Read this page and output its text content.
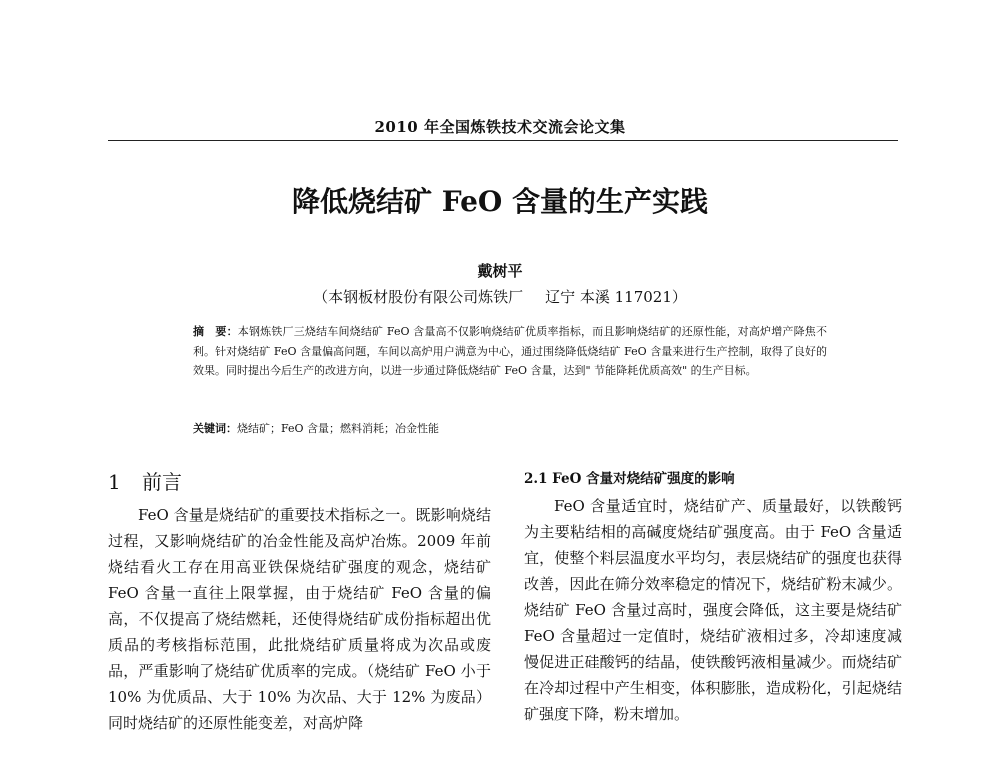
2010 年全国炼铁技术交流会论文集
降低烧结矿 FeO 含量的生产实践
戴树平
（本钢板材股份有限公司炼铁厂 辽宁 本溪 117021）
摘　要：本钢炼铁厂三烧结车间烧结矿 FeO 含量高不仅影响烧结矿优质率指标，而且影响烧结矿的还原性能，对高炉增产降焦不利。针对烧结矿 FeO 含量偏高问题，车间以高炉用户满意为中心，通过围绕降低烧结矿 FeO 含量来进行生产控制，取得了良好的效果。同时提出今后生产的改进方向，以进一步通过降低烧结矿 FeO 含量，达到" 节能降耗优质高效" 的生产目标。
关键词：烧结矿；FeO 含量；燃料消耗；冶金性能
1 前言

FeO 含量是烧结矿的重要技术指标之一。既影响烧结过程，又影响烧结矿的冶金性能及高炉冶炼。2009 年前烧结看火工存在用高亚铁保烧结矿强度的观念，烧结矿 FeO 含量一直往上限掌握，由于烧结矿 FeO 含量的偏高，不仅提高了烧结燃耗，还使得烧结矿成份指标超出优质品的考核指标范围，此批烧结矿质量将成为次品或废品，严重影响了烧结矿优质率的完成。（烧结矿 FeO 小于 10% 为优质品、大于 10% 为次品、大于 12% 为废品）同时烧结矿的还原性能变差，对高炉降

2.1 FeO 含量对烧结矿强度的影响

FeO 含量适宜时，烧结矿产、质量最好，以铁酸钙为主要粘结相的高碱度烧结矿强度高。由于 FeO 含量适宜，使整个料层温度水平均匀，表层烧结矿的强度也获得改善，因此在筛分效率稳定的情况下，烧结矿粉末减少。烧结矿 FeO 含量过高时，强度会降低，这主要是烧结矿 FeO 含量超过一定值时，烧结矿液相过多，冷却速度减慢促进正硅酸钙的结晶，使铁酸钙液相量减少。而烧结矿在冷却过程中产生相变，体积膨胀，造成粉化，引起烧结矿强度下降，粉末增加。
